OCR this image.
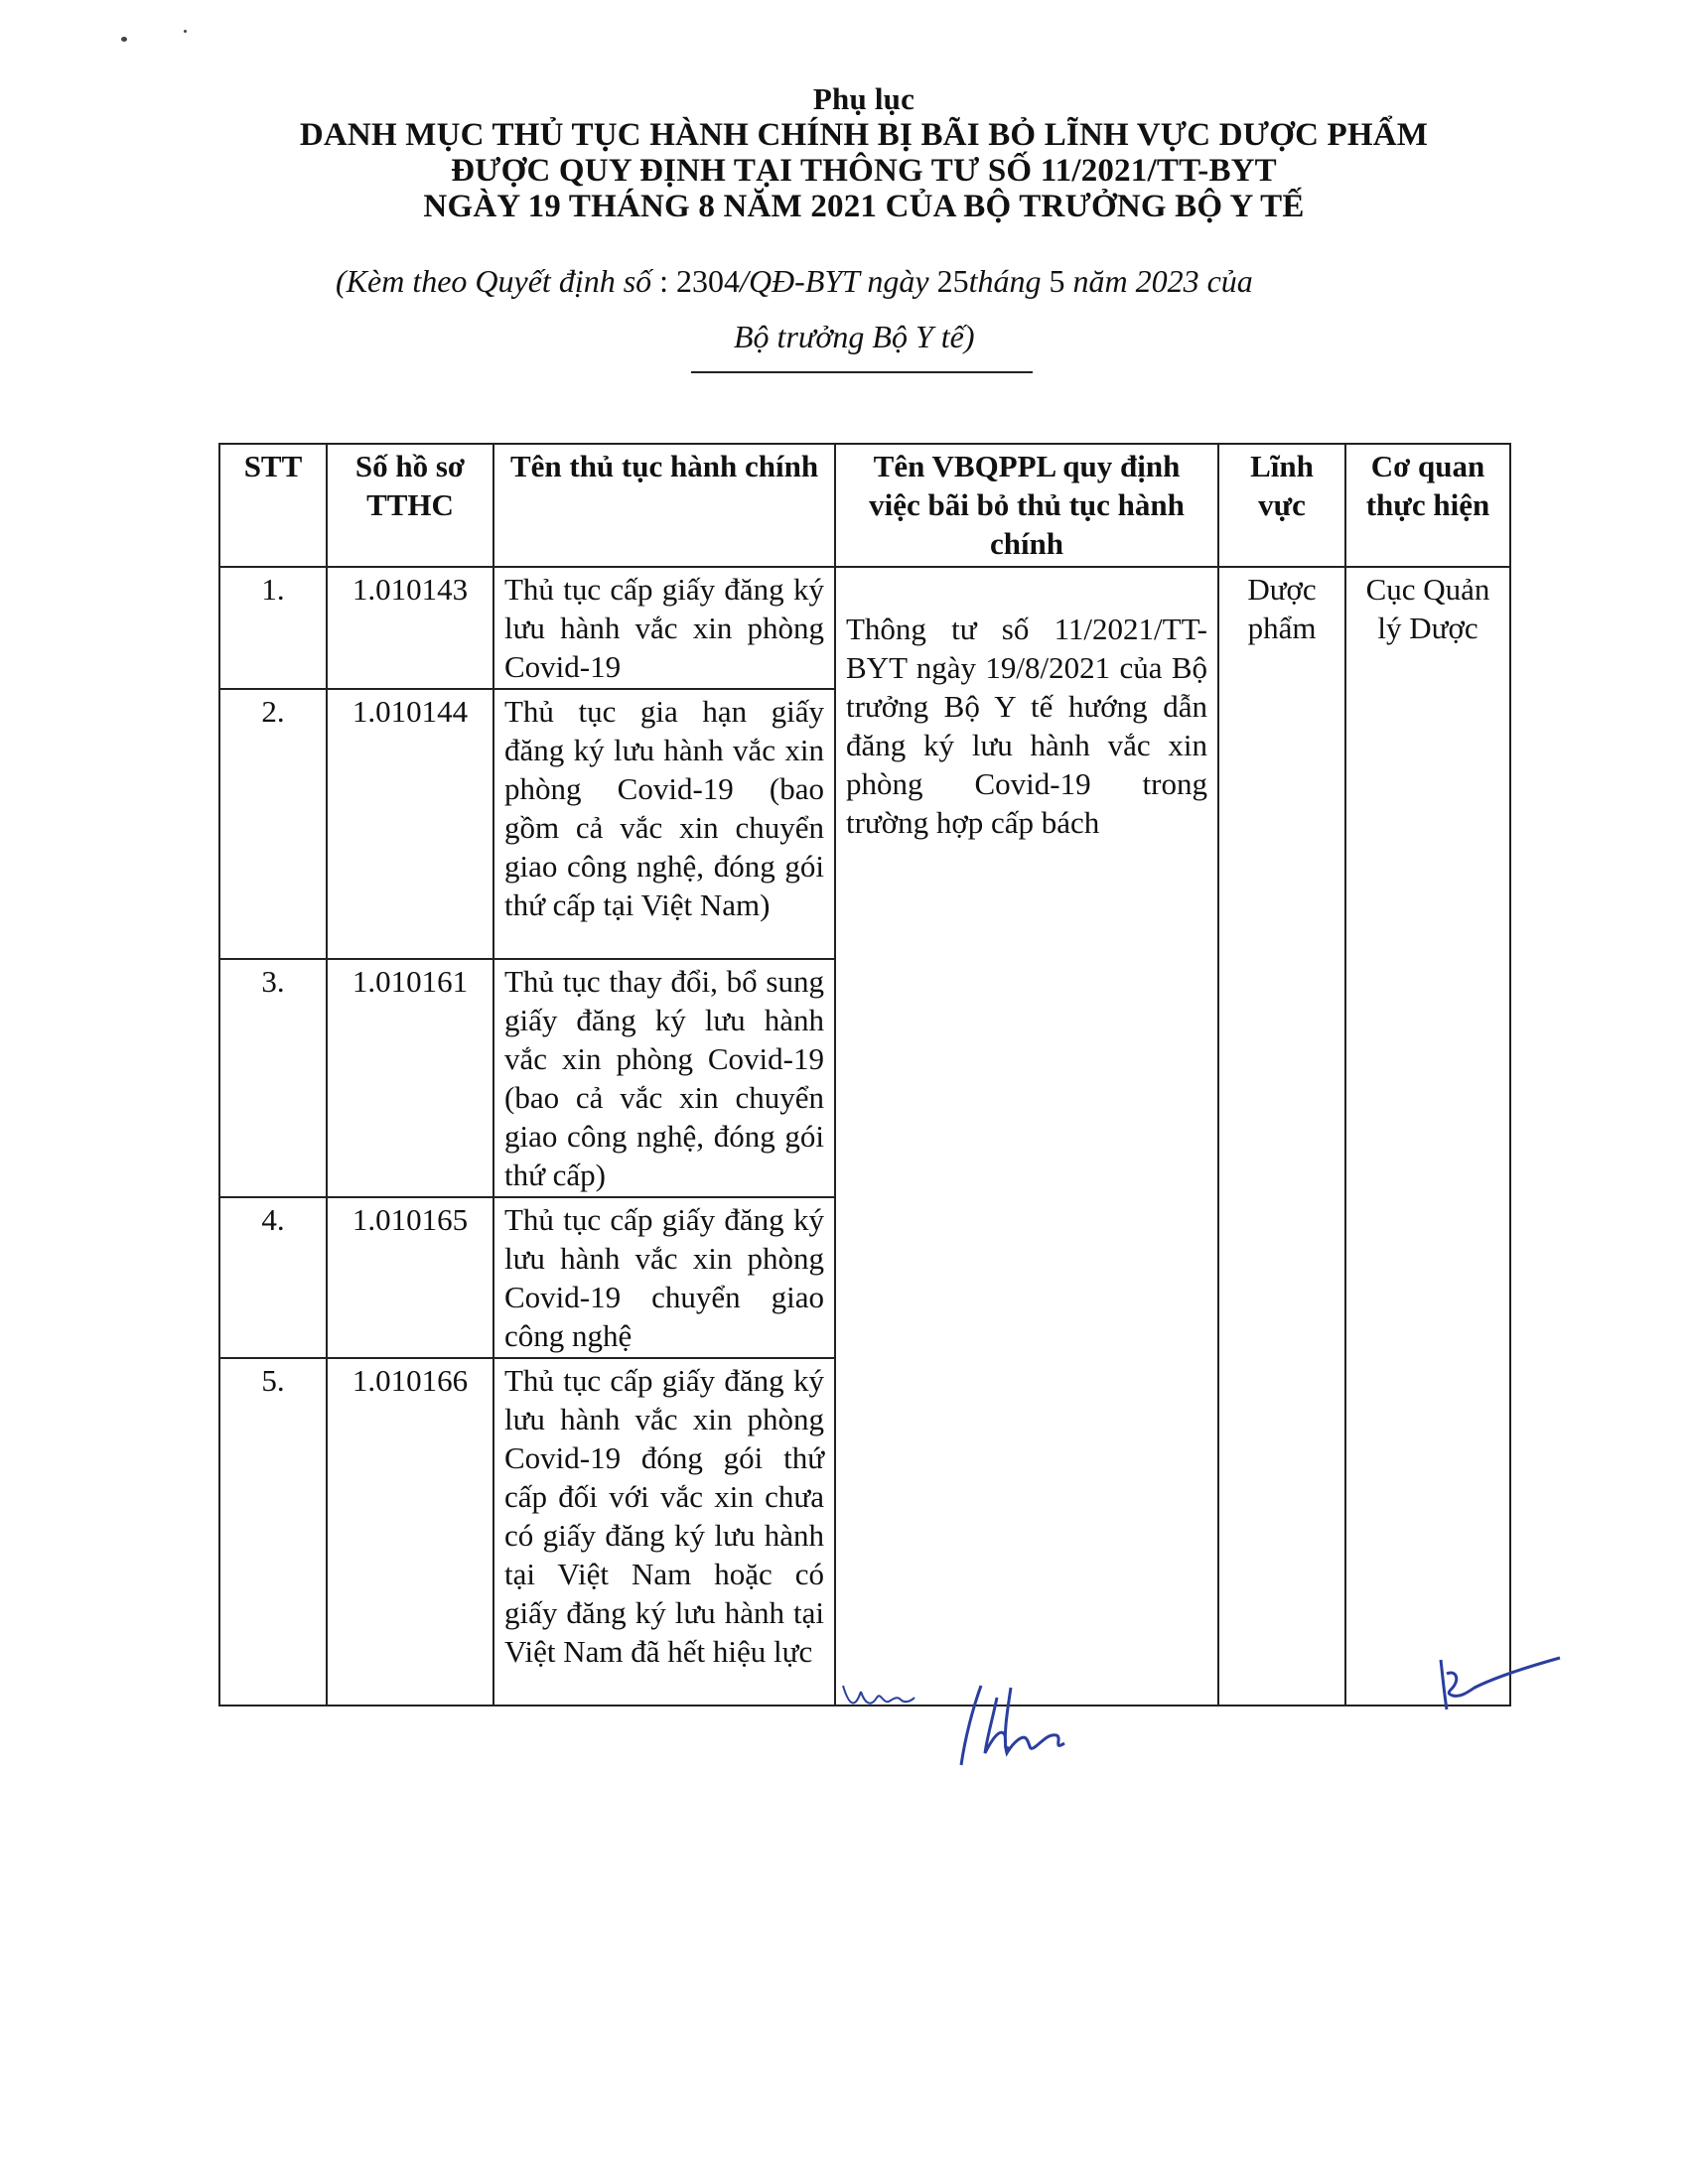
Phụ lục
DANH MỤC THỦ TỤC HÀNH CHÍNH BỊ BÃI BỎ LĨNH VỰC DƯỢC PHẨM
ĐƯỢC QUY ĐỊNH TẠI THÔNG TƯ SỐ 11/2021/TT-BYT
NGÀY 19 THÁNG 8 NĂM 2021 CỦA BỘ TRƯỞNG BỘ Y TẾ
(Kèm theo Quyết định số : 2304/QĐ-BYT ngày 25tháng 5 năm 2023 của
Bộ trưởng Bộ Y tế)
STT	Số hồ sơ TTHC	Tên thủ tục hành chính	Tên VBQPPL quy định việc bãi bỏ thủ tục hành chính	Lĩnh vực	Cơ quan thực hiện
1.	1.010143	Thủ tục cấp giấy đăng ký lưu hành vắc xin phòng Covid-19	Thông tư số 11/2021/TT-BYT ngày 19/8/2021 của Bộ trưởng Bộ Y tế hướng dẫn đăng ký lưu hành vắc xin phòng Covid-19 trong trường hợp cấp bách	Dược phẩm	Cục Quản lý Dược

2.	1.010144	Thủ tục gia hạn giấy đăng ký lưu hành vắc xin phòng Covid-19 (bao gồm cả vắc xin chuyển giao công nghệ, đóng gói thứ cấp tại Việt Nam)			
3.	1.010161	Thủ tục thay đổi, bổ sung giấy đăng ký lưu hành vắc xin phòng Covid-19 (bao cả vắc xin chuyển giao công nghệ, đóng gói thứ cấp)			
4.	1.010165	Thủ tục cấp giấy đăng ký lưu hành vắc xin phòng Covid-19 chuyển giao công nghệ			
5.	1.010166	Thủ tục cấp giấy đăng ký lưu hành vắc xin phòng Covid-19 đóng gói thứ cấp đối với vắc xin chưa có giấy đăng ký lưu hành tại Việt Nam hoặc có giấy đăng ký lưu hành tại Việt Nam đã hết hiệu lực			
